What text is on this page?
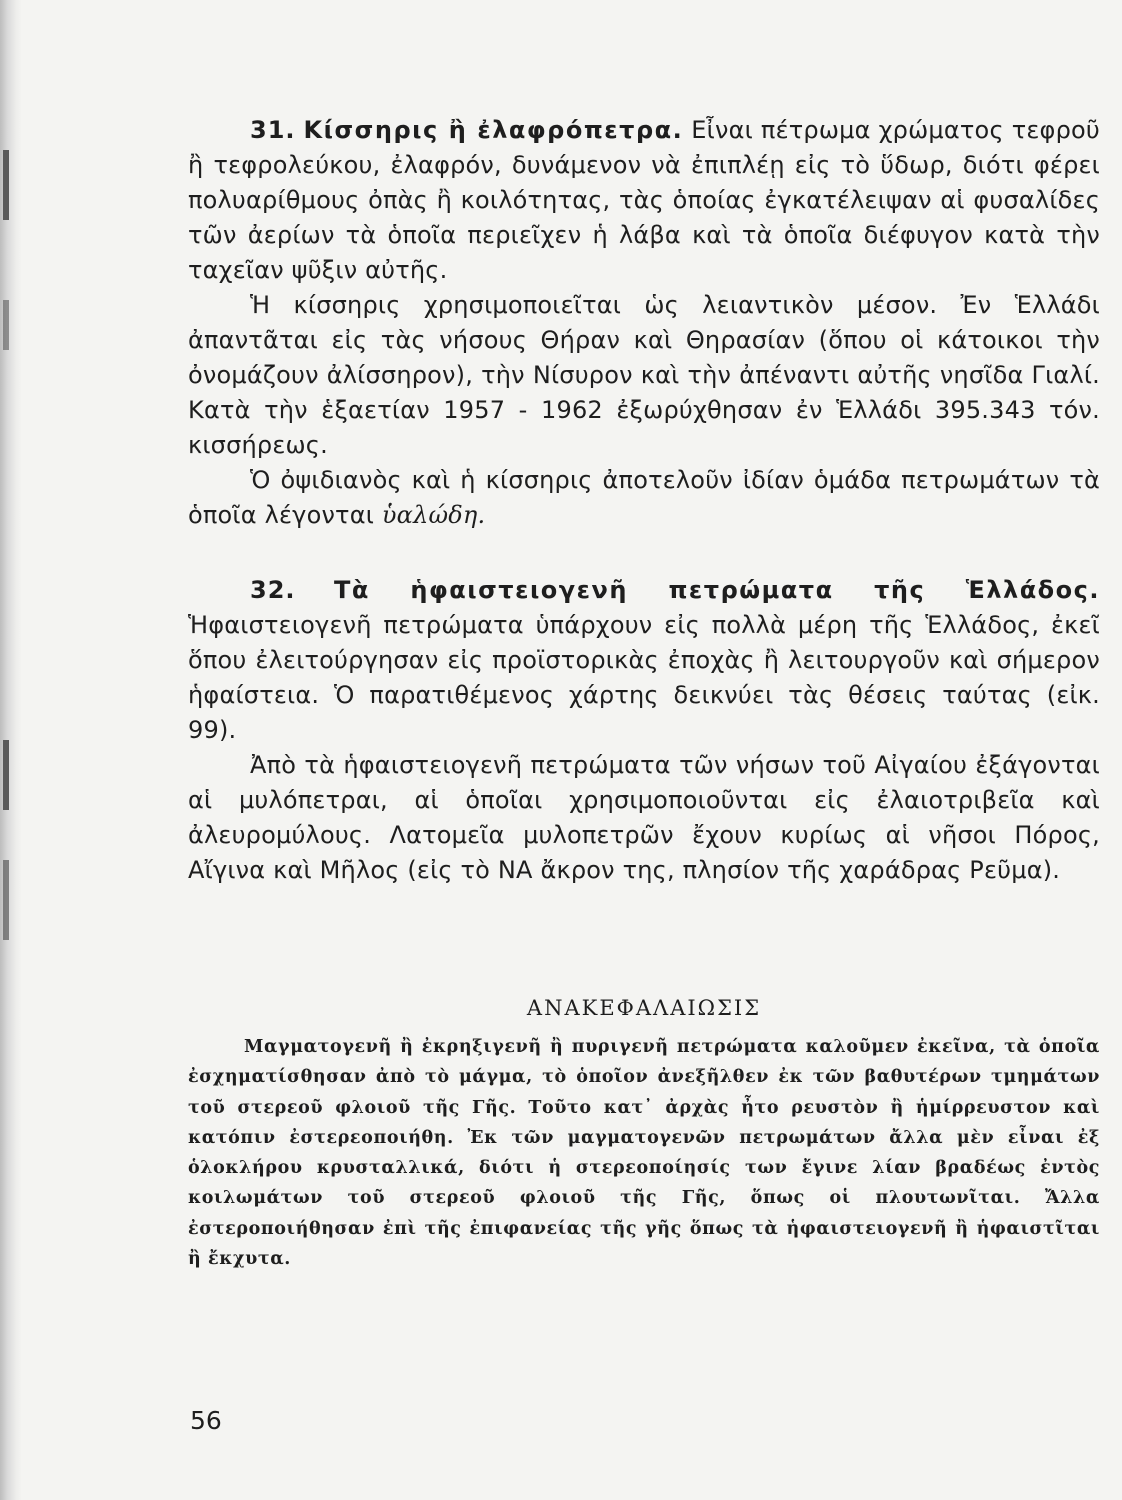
31. Κίσσηρις ἢ ἐλαφρόπετρα. Εἶναι πέτρωμα χρώματος τεφροῦ ἢ τεφρολεύκου, ἐλαφρόν, δυνάμενον νὰ ἐπιπλέῃ εἰς τὸ ὕδωρ, διότι φέρει πολυαρίθμους ὀπὰς ἢ κοιλότητας, τὰς ὁποίας ἐγκατέλειψαν αἱ φυσαλίδες τῶν ἀερίων τὰ ὁποῖα περιεῖχεν ἡ λάβα καὶ τὰ ὁποῖα διέφυγον κατὰ τὴν ταχεῖαν ψῦξιν αὐτῆς.

Ἡ κίσσηρις χρησιμοποιεῖται ὡς λειαντικὸν μέσον. Ἐν Ἑλλάδι ἀπαντᾶται εἰς τὰς νήσους Θήραν καὶ Θηρασίαν (ὅπου οἱ κάτοικοι τὴν ὀνομάζουν ἀλίσσηρον), τὴν Νίσυρον καὶ τὴν ἀπέναντι αὐτῆς νησῖδα Γιαλί. Κατὰ τὴν ἑξαετίαν 1957 - 1962 ἐξωρύχθησαν ἐν Ἑλλάδι 395.343 τόν. κισσήρεως.

Ὁ ὀψιδιανὸς καὶ ἡ κίσσηρις ἀποτελοῦν ἰδίαν ὁμάδα πετρωμάτων τὰ ὁποῖα λέγονται ὑαλώδη.

32. Τὰ ἡφαιστειογενῆ πετρώματα τῆς Ἑλλάδος. Ἡφαιστειογενῆ πετρώματα ὑπάρχουν εἰς πολλὰ μέρη τῆς Ἑλλάδος, ἐκεῖ ὅπου ἐλειτούργησαν εἰς προϊστορικὰς ἐποχὰς ἢ λειτουργοῦν καὶ σήμερον ἡφαίστεια. Ὁ παρατιθέμενος χάρτης δεικνύει τὰς θέσεις ταύτας (εἰκ. 99).

Ἀπὸ τὰ ἡφαιστειογενῆ πετρώματα τῶν νήσων τοῦ Αἰγαίου ἐξάγονται αἱ μυλόπετραι, αἱ ὁποῖαι χρησιμοποιοῦνται εἰς ἐλαιοτριβεῖα καὶ ἀλευρομύλους. Λατομεῖα μυλοπετρῶν ἔχουν κυρίως αἱ νῆσοι Πόρος, Αἴγινα καὶ Μῆλος (εἰς τὸ ΝΑ ἄκρον της, πλησίον τῆς χαράδρας Ρεῦμα).

ΑΝΑΚΕΦΑΛΑΙΩΣΙΣ

Μαγματογενῆ ἢ ἐκρηξιγενῆ ἢ πυριγενῆ πετρώματα καλοῦμεν ἐκεῖνα, τὰ ὁποῖα ἐσχηματίσθησαν ἀπὸ τὸ μάγμα, τὸ ὁποῖον ἀνεξῆλθεν ἐκ τῶν βαθυτέρων τμημάτων τοῦ στερεοῦ φλοιοῦ τῆς Γῆς. Τοῦτο κατ᾽ ἀρχὰς ἦτο ρευστὸν ἢ ἡμίρρευστον καὶ κατόπιν ἐστερεοποιήθη. Ἐκ τῶν μαγματογενῶν πετρωμάτων ἄλλα μὲν εἶναι ἐξ ὁλοκλήρου κρυσταλλικά, διότι ἡ στερεοποίησίς των ἔγινε λίαν βραδέως ἐντὸς κοιλωμάτων τοῦ στερεοῦ φλοιοῦ τῆς Γῆς, ὅπως οἱ πλουτωνῖται. Ἄλλα ἐστεροποιήθησαν ἐπὶ τῆς ἐπιφανείας τῆς γῆς ὅπως τὰ ἡφαιστειογενῆ ἢ ἡφαιστῖται ἢ ἔκχυτα.

56
